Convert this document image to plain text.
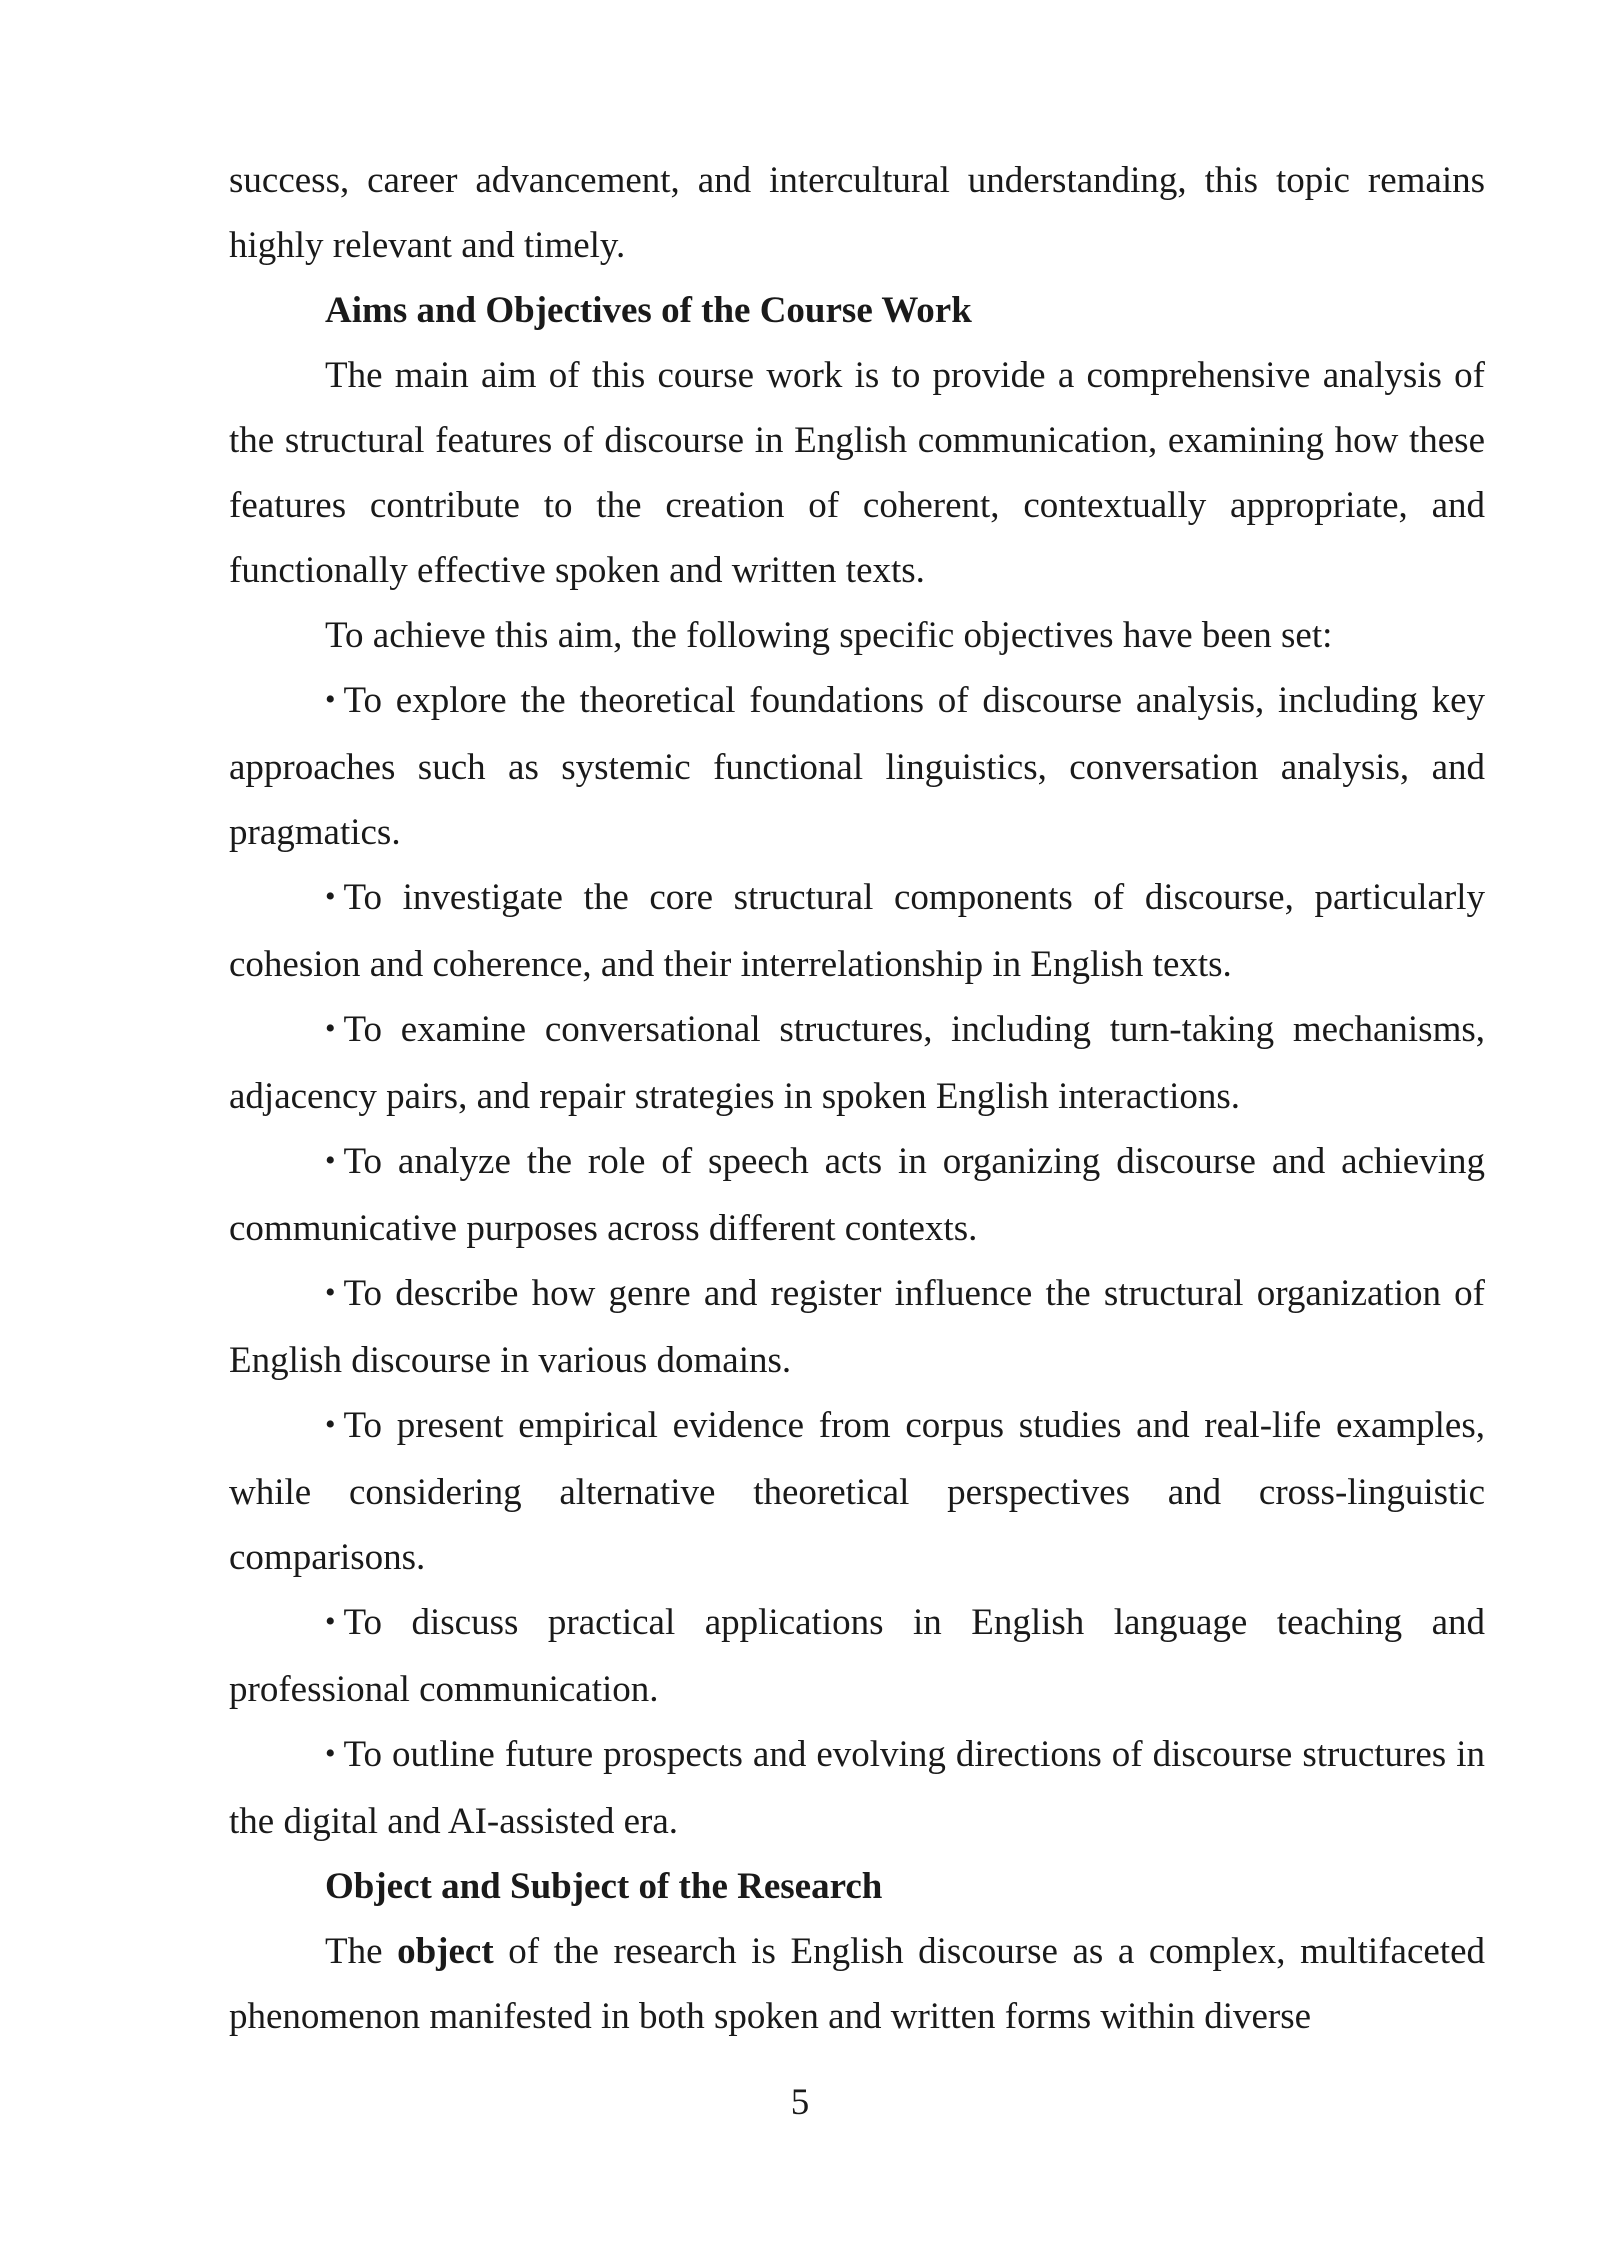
success, career advancement, and intercultural understanding, this topic remains highly relevant and timely.

Aims and Objectives of the Course Work

The main aim of this course work is to provide a comprehensive analysis of the structural features of discourse in English communication, examining how these features contribute to the creation of coherent, contextually appropriate, and functionally effective spoken and written texts.

To achieve this aim, the following specific objectives have been set:

• To explore the theoretical foundations of discourse analysis, including key approaches such as systemic functional linguistics, conversation analysis, and pragmatics.

• To investigate the core structural components of discourse, particularly cohesion and coherence, and their interrelationship in English texts.

• To examine conversational structures, including turn-taking mechanisms, adjacency pairs, and repair strategies in spoken English interactions.

• To analyze the role of speech acts in organizing discourse and achieving communicative purposes across different contexts.

• To describe how genre and register influence the structural organization of English discourse in various domains.

• To present empirical evidence from corpus studies and real-life examples, while considering alternative theoretical perspectives and cross-linguistic comparisons.

• To discuss practical applications in English language teaching and professional communication.

• To outline future prospects and evolving directions of discourse structures in the digital and AI-assisted era.

Object and Subject of the Research

The object of the research is English discourse as a complex, multifaceted phenomenon manifested in both spoken and written forms within diverse

5
